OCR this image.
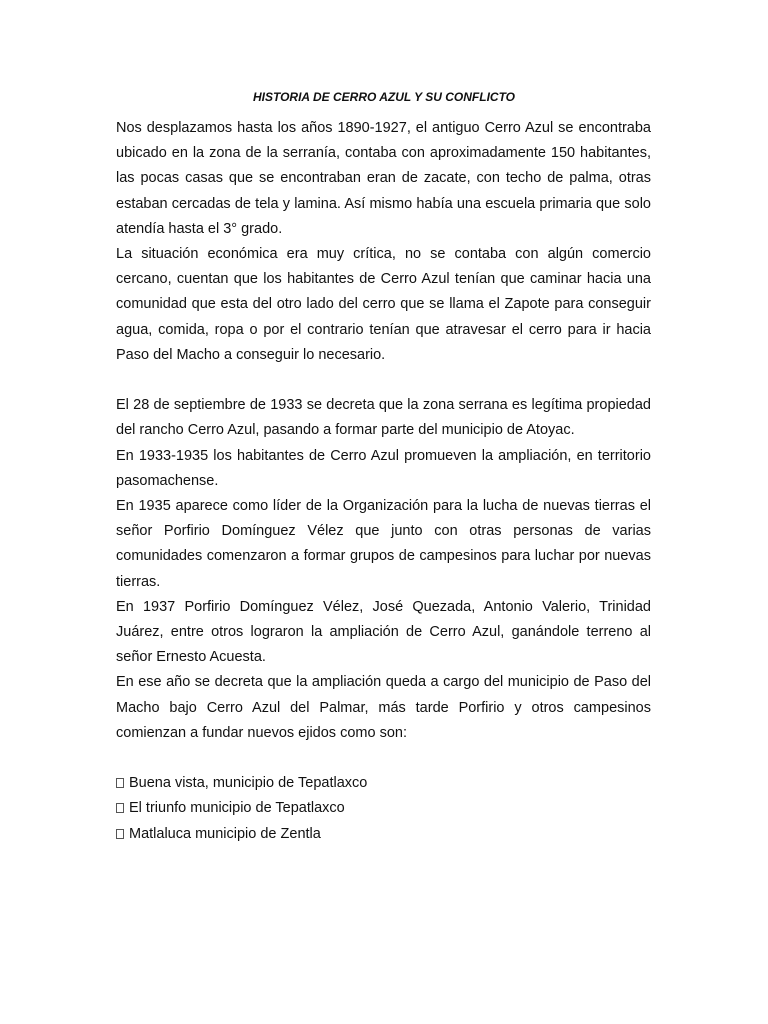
HISTORIA DE CERRO AZUL Y SU CONFLICTO

Nos desplazamos hasta los años 1890-1927, el antiguo Cerro Azul se encontraba ubicado en la zona de la serranía, contaba con aproximadamente 150 habitantes, las pocas casas que se encontraban eran de zacate, con techo de palma, otras estaban cercadas de tela y lamina. Así mismo había una escuela primaria que solo atendía hasta el 3° grado.

La situación económica era muy crítica, no se contaba con algún comercio cercano, cuentan que los habitantes de Cerro Azul tenían que caminar hacia una comunidad que esta del otro lado del cerro que se llama el Zapote para conseguir agua, comida, ropa o por el contrario tenían que atravesar el cerro para ir hacia Paso del Macho a conseguir lo necesario.

El 28 de septiembre de 1933 se decreta que la zona serrana es legítima propiedad del rancho Cerro Azul, pasando a formar parte del municipio de Atoyac.

En 1933-1935 los habitantes de Cerro Azul promueven la ampliación, en territorio pasomachense.

En 1935 aparece como líder de la Organización para la lucha de nuevas tierras el señor Porfirio Domínguez Vélez que junto con otras personas de varias comunidades comenzaron a formar grupos de campesinos para luchar por nuevas tierras.

En 1937 Porfirio Domínguez Vélez, José Quezada, Antonio Valerio, Trinidad Juárez, entre otros lograron la ampliación de Cerro Azul, ganándole terreno al señor Ernesto Acuesta.

En ese año se decreta que la ampliación queda a cargo del municipio de Paso del Macho bajo Cerro Azul del Palmar, más tarde Porfirio y otros campesinos comienzan a fundar nuevos ejidos como son:

Buena vista, municipio de Tepatlaxco
El triunfo municipio de Tepatlaxco
Matlaluca municipio de Zentla
